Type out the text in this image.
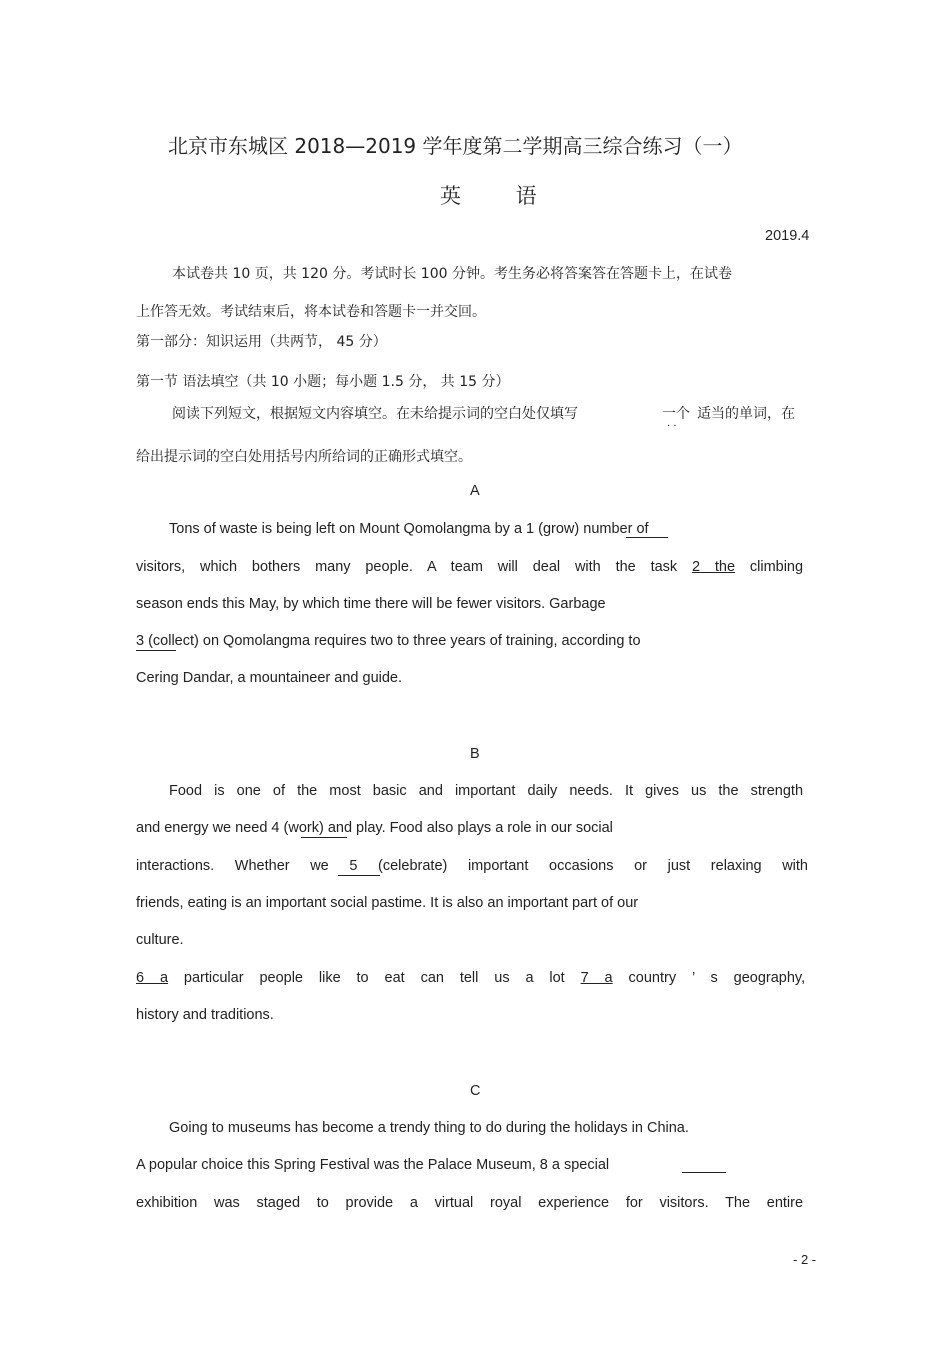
北京市东城区 2018—2019 学年度第二学期高三综合练习（一）
英 语
2019.4
本试卷共 10 页，共 120 分。考试时长 100 分钟。考生务必将答案答在答题卡上，在试卷
上作答无效。考试结束后，将本试卷和答题卡一并交回。
第一部分：知识运用（共两节， 45 分）
第一节 语法填空（共 10 小题；每小题 1.5 分， 共 15 分）
阅读下列短文，根据短文内容填空。在未给提示词的空白处仅填写	一个
· ·
适当的单词，在
给出提示词的空白处用括号内所给词的正确形式填空。
A
Tons of waste is being left on Mount Qomolangma by a 1 (grow) number of
visitors, which bothers many people. A team will deal with the task 2 the climbing
season ends this May, by which time there will be fewer visitors. Garbage
3 (collect) on Qomolangma requires two to three years of training, according to
Cering Dandar, a mountaineer and guide.
B
Food is one of the most basic and important daily needs. It gives us the strength
and energy we need 4 (work) and play. Food also plays a role in our social
interactions. Whether we 5 (celebrate) important occasions or just relaxing with
friends, eating is an important social pastime. It is also an important part of our
culture.
6 a particular people like to eat can tell us a lot 7 a country ’ s geography,
history and traditions.
C
Going to museums has become a trendy thing to do during the holidays in China.
A popular choice this Spring Festival was the Palace Museum, 8 a special
exhibition was staged to provide a virtual royal experience for visitors. The entire
- 2 -
